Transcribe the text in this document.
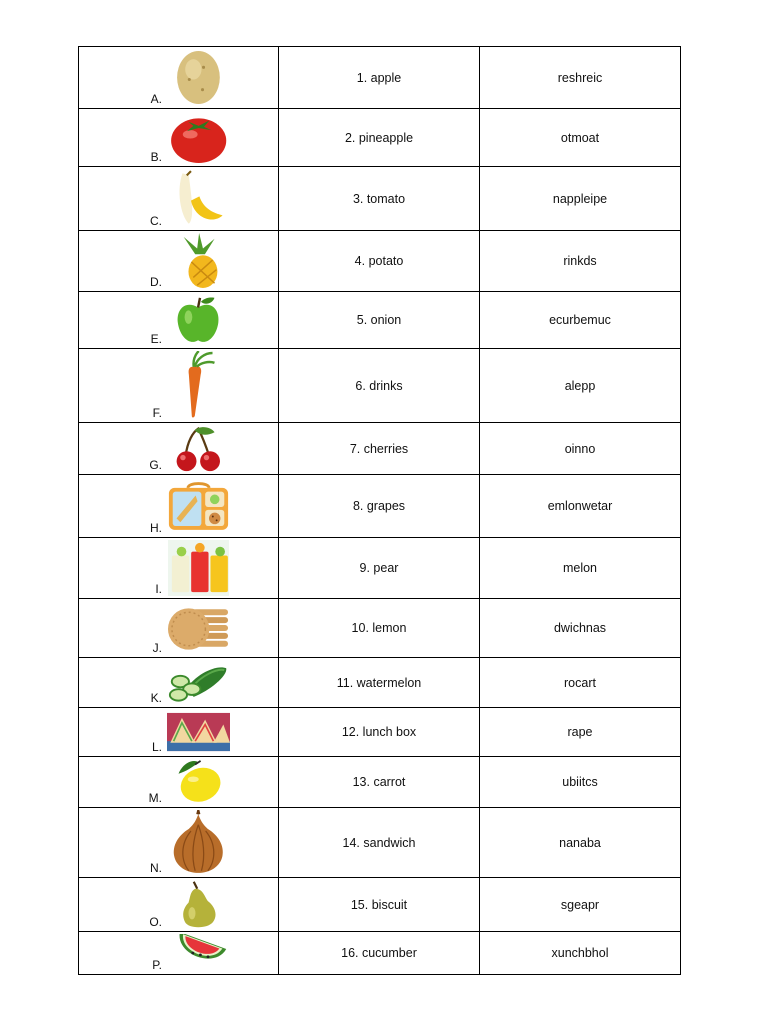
A.	1. apple	reshreic

B.	2. pineapple	otmoat

C.	3. tomato	nappleipe

D.	4. potato	rinkds

E.	5. onion	ecurbemuc

F.	6. drinks	alepp

G.	7. cherries	oinno

H.	8. grapes	emlonwetar

I.	9. pear	melon

J.	10. lemon	dwichnas

K.	11. watermelon	rocart

L.	12. lunch box	rape

M.	13. carrot	ubiitcs

N.	14. sandwich	nanaba

O.	15. biscuit	sgeapr

P.	16. cucumber	xunchbhol
